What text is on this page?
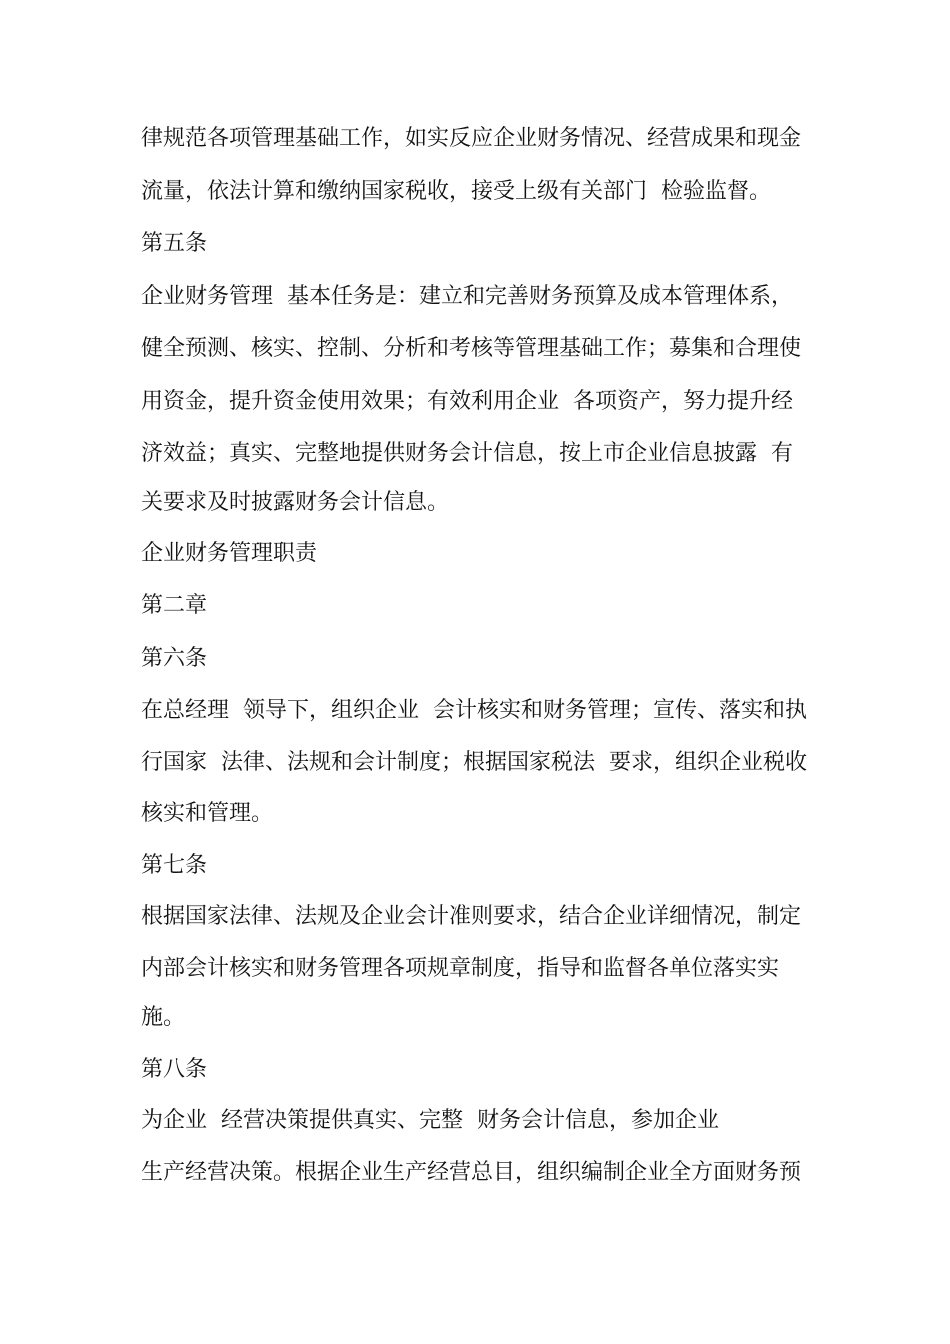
律规范各项管理基础工作，如实反应企业财务情况、经营成果和现金
流量，依法计算和缴纳国家税收，接受上级有关部门  检验监督。
第五条
企业财务管理  基本任务是：建立和完善财务预算及成本管理体系，
健全预测、核实、控制、分析和考核等管理基础工作；募集和合理使
用资金，提升资金使用效果；有效利用企业  各项资产，努力提升经
济效益；真实、完整地提供财务会计信息，按上市企业信息披露  有
关要求及时披露财务会计信息。
企业财务管理职责
第二章
第六条
在总经理  领导下，组织企业  会计核实和财务管理；宣传、落实和执
行国家  法律、法规和会计制度；根据国家税法  要求，组织企业税收
核实和管理。
第七条
根据国家法律、法规及企业会计准则要求，结合企业详细情况，制定
内部会计核实和财务管理各项规章制度，指导和监督各单位落实实
施。
第八条
为企业  经营决策提供真实、完整  财务会计信息，参加企业
生产经营决策。根据企业生产经营总目，组织编制企业全方面财务预
